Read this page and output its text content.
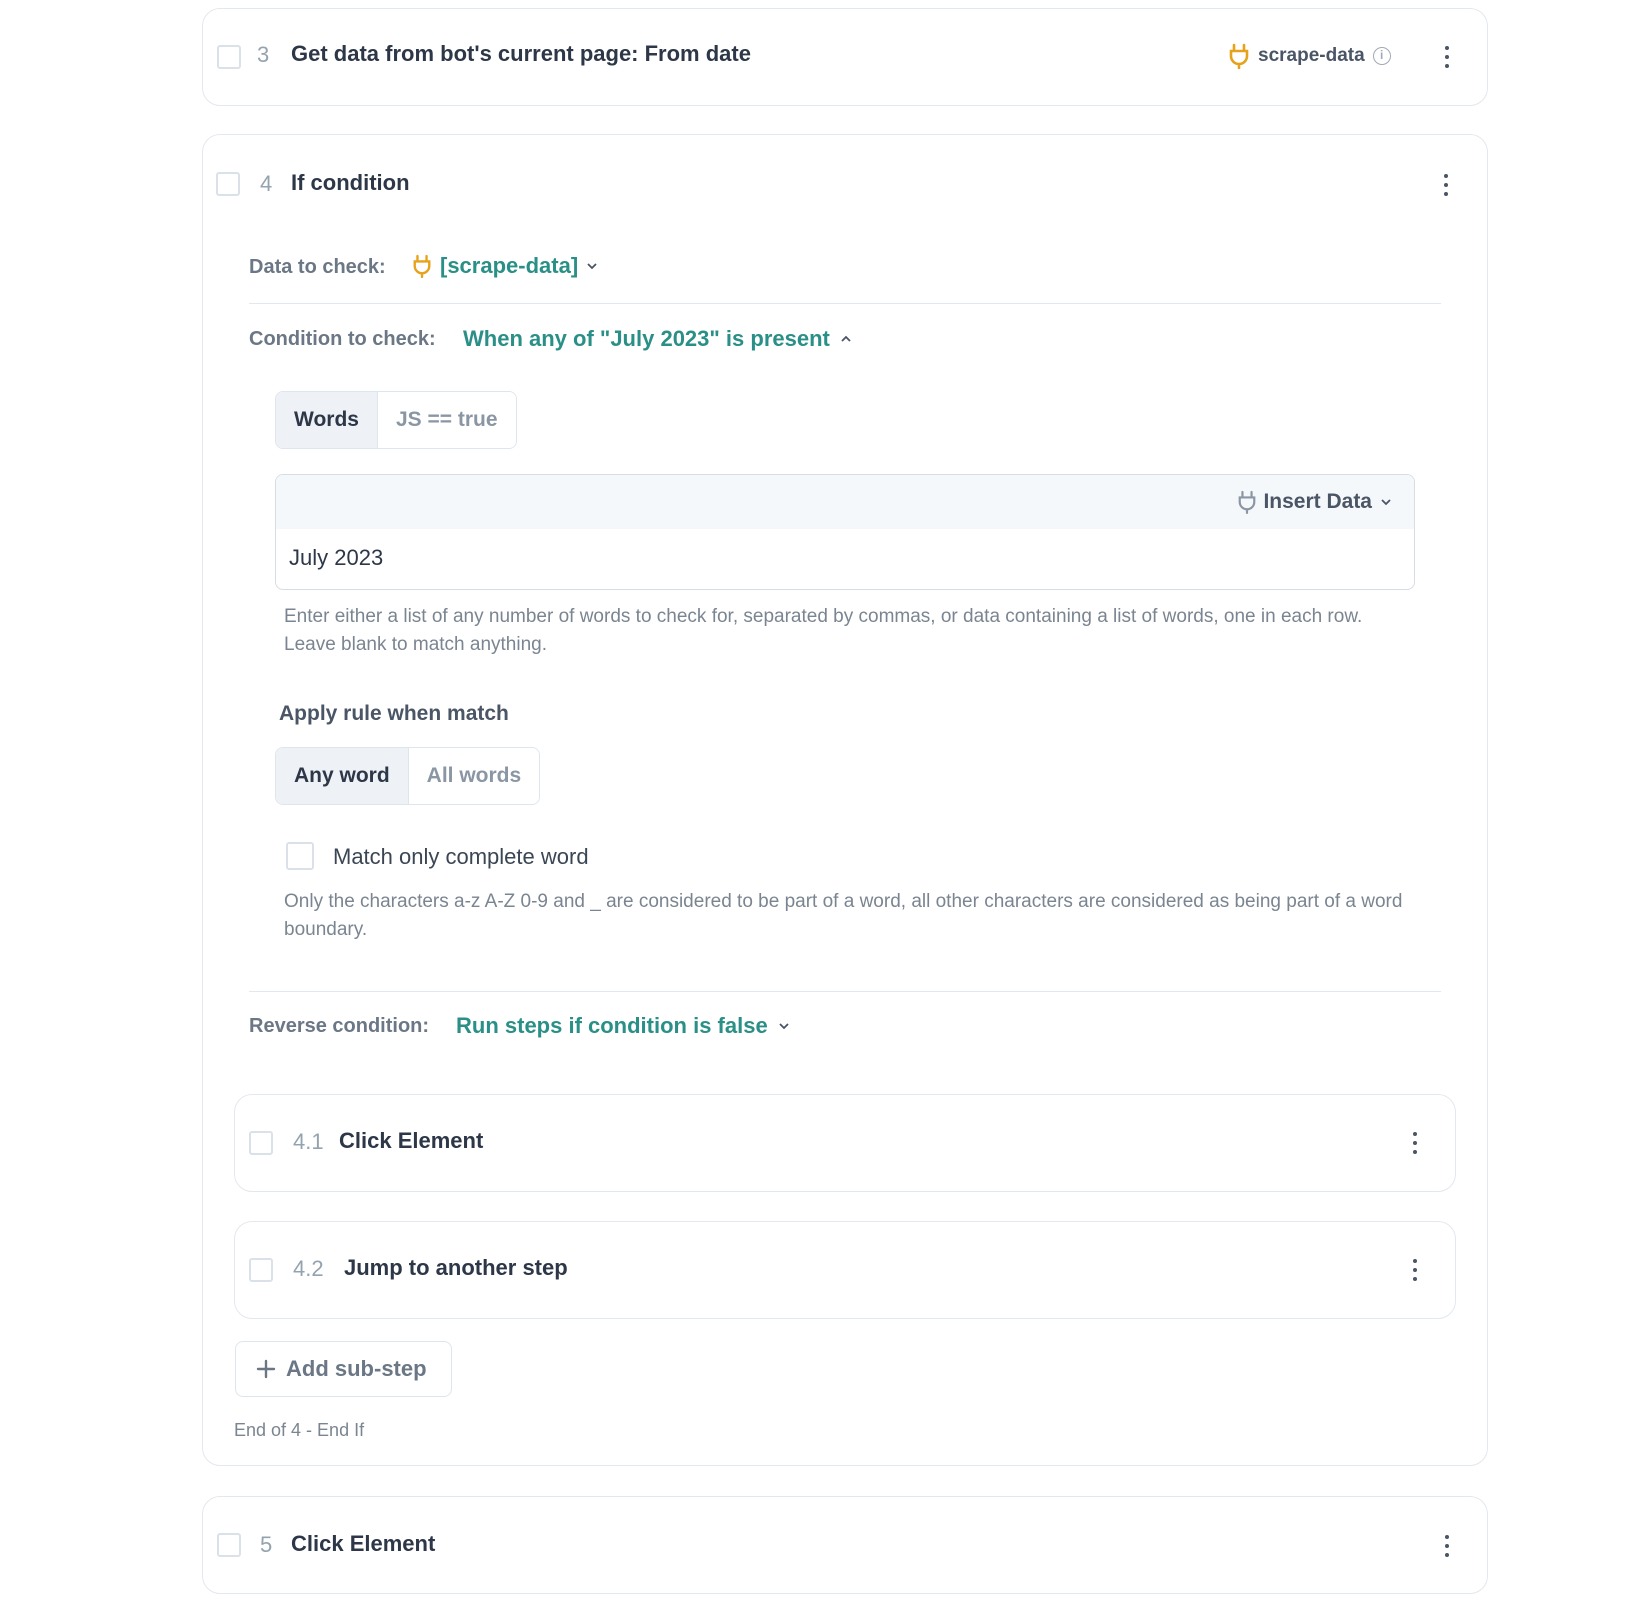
3 Get data from bot's current page: From date	scrape-data	i
4 If condition
Data to check: [scrape-data]
Condition to check: When any of "July 2023" is present
Words	JS == true
Insert Data
July 2023
Enter either a list of any number of words to check for, separated by commas, or data containing a list of words, one in each row. Leave blank to match anything.
Apply rule when match
Any word	All words
Match only complete word
Only the characters a-z A-Z 0-9 and _ are considered to be part of a word, all other characters are considered as being part of a word boundary.
Reverse condition: Run steps if condition is false
4.1 Click Element
4.2 Jump to another step
Add sub-step
End of 4 - End If
5 Click Element
